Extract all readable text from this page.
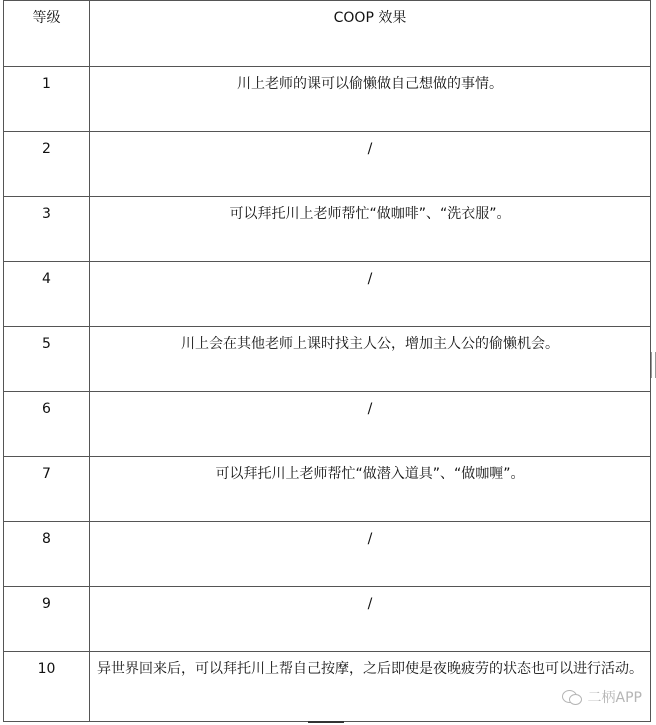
等级	COOP 效果
1	川上老师的课可以偷懒做自己想做的事情。
2	/
3	可以拜托川上老师帮忙“做咖啡”、“洗衣服”。
4	/
5	川上会在其他老师上课时找主人公，增加主人公的偷懒机会。
6	/
7	可以拜托川上老师帮忙“做潜入道具”、“做咖喱”。
8	/
9	/
10	异世界回来后，可以拜托川上帮自己按摩，之后即使是夜晚疲劳的状态也可以进行活动。
二柄APP
